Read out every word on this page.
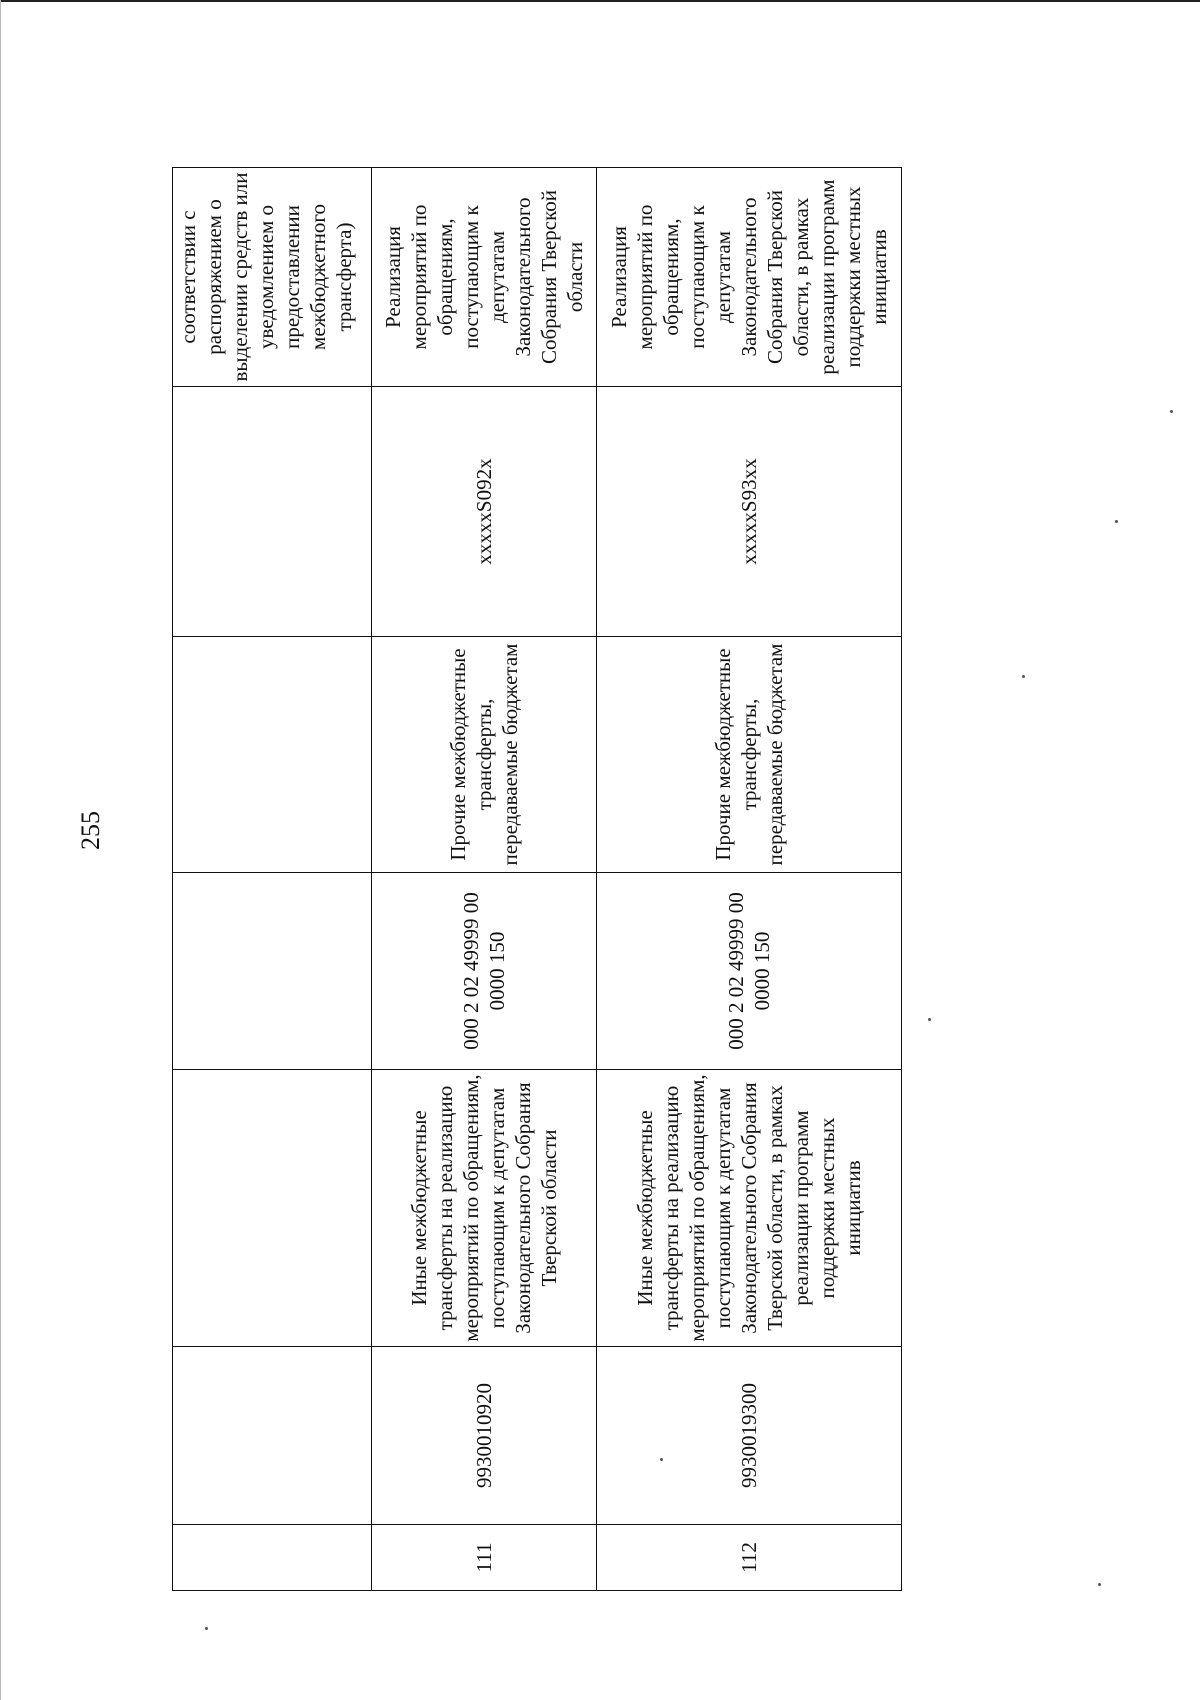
255
						соответствии с распоряжением о выделении средств или уведомлением о предоставлении межбюджетного трансферта)
111	9930010920	Иные межбюджетные трансферты на реализацию мероприятий по обращениям, поступающим к депутатам Законодательного Собрания Тверской области	000 2 02 49999 00 0000 150	Прочие межбюджетные трансферты, передаваемые бюджетам	xxxxxS092x	Реализация мероприятий по обращениям, поступающим к депутатам Законодательного Собрания Тверской области
112	9930019300	Иные межбюджетные трансферты на реализацию мероприятий по обращениям, поступающим к депутатам Законодательного Собрания Тверской области, в рамках реализации программ поддержки местных инициатив	000 2 02 49999 00 0000 150	Прочие межбюджетные трансферты, передаваемые бюджетам	xxxxxS93xx	Реализация мероприятий по обращениям, поступающим к депутатам Законодательного Собрания Тверской области, в рамках реализации программ поддержки местных инициатив
